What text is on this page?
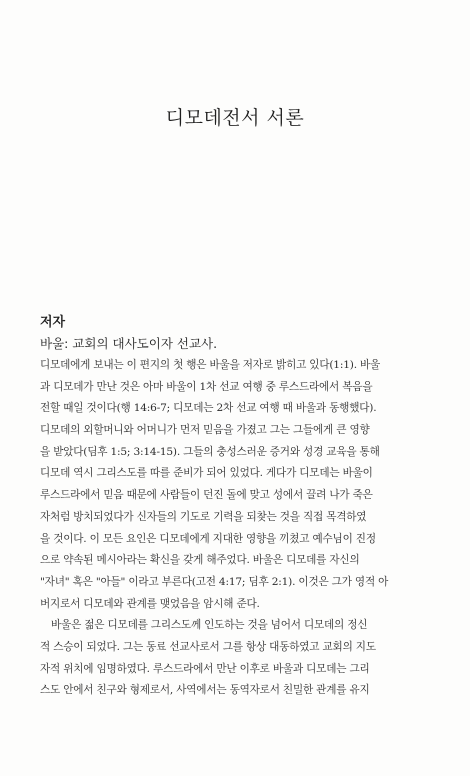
디모데전서 서론
저자
바울: 교회의 대사도이자 선교사.
디모데에게 보내는 이 편지의 첫 행은 바울을 저자로 밝히고 있다(1:1). 바울
과 디모데가 만난 것은 아마 바울이 1차 선교 여행 중 루스드라에서 복음을
전할 때일 것이다(행 14:6-7; 디모데는 2차 선교 여행 때 바울과 동행했다).
디모데의 외할머니와 어머니가 먼저 믿음을 가졌고 그는 그들에게 큰 영향
을 받았다(딤후 1:5; 3:14-15). 그들의 충성스러운 증거와 성경 교육을 통해
디모데 역시 그리스도를 따를 준비가 되어 있었다. 게다가 디모데는 바울이
루스드라에서 믿음 때문에 사람들이 던진 돌에 맞고 성에서 끌려 나가 죽은
자처럼 방치되었다가 신자들의 기도로 기력을 되찾는 것을 직접 목격하였
을 것이다. 이 모든 요인은 디모데에게 지대한 영향을 끼쳤고 예수님이 진정
으로 약속된 메시아라는 확신을 갖게 해주었다. 바울은 디모데를 자신의
"자녀" 혹은 "아들" 이라고 부른다(고전 4:17; 딤후 2:1). 이것은 그가 영적 아
버지로서 디모데와 관계를 맺었음을 암시해 준다.
바울은 젊은 디모데를 그리스도께 인도하는 것을 넘어서 디모데의 정신
적 스승이 되었다. 그는 동료 선교사로서 그를 항상 대동하였고 교회의 지도
자적 위치에 임명하였다. 루스드라에서 만난 이후로 바울과 디모데는 그리
스도 안에서 친구와 형제로서, 사역에서는 동역자로서 친밀한 관계를 유지
